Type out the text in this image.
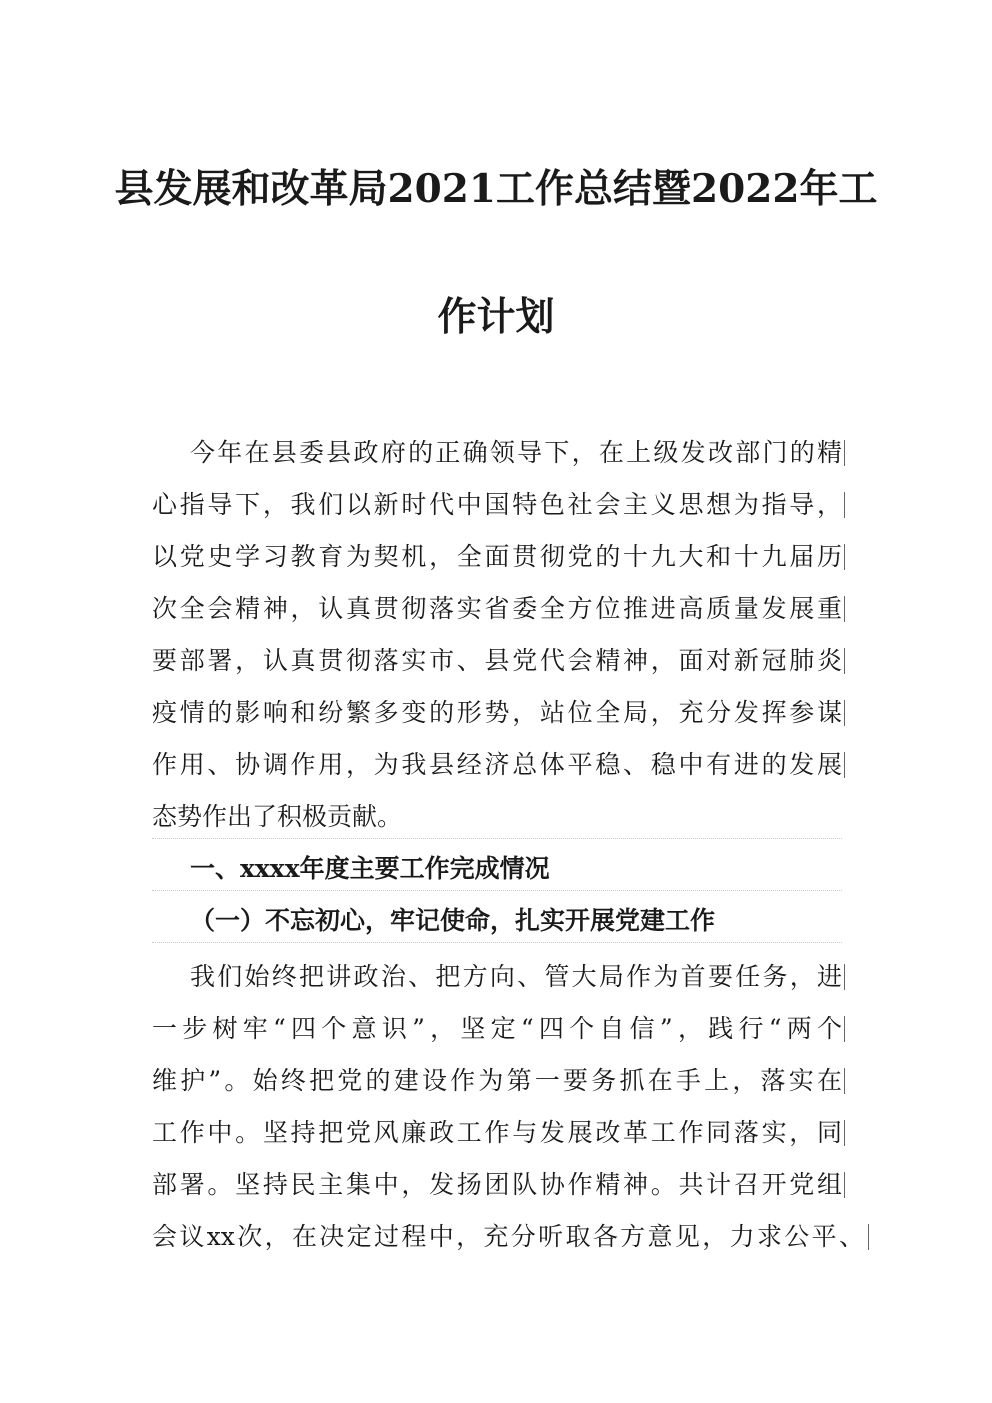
县发展和改革局2021工作总结暨2022年工
作计划
今年在县委县政府的正确领导下，在上级发改部门的精
心指导下，我们以新时代中国特色社会主义思想为指导，
以党史学习教育为契机，全面贯彻党的十九大和十九届历
次全会精神，认真贯彻落实省委全方位推进高质量发展重
要部署，认真贯彻落实市、县党代会精神，面对新冠肺炎
疫情的影响和纷繁多变的形势，站位全局，充分发挥参谋
作用、协调作用，为我县经济总体平稳、稳中有进的发展
态势作出了积极贡献。
一、xxxx年度主要工作完成情况
（一）不忘初心，牢记使命，扎实开展党建工作
我们始终把讲政治、把方向、管大局作为首要任务，进
一步树牢“四个意识”，坚定“四个自信”，践行“两个
维护”。始终把党的建设作为第一要务抓在手上，落实在
工作中。坚持把党风廉政工作与发展改革工作同落实，同
部署。坚持民主集中，发扬团队协作精神。共计召开党组
会议xx次，在决定过程中，充分听取各方意见，力求公平、
